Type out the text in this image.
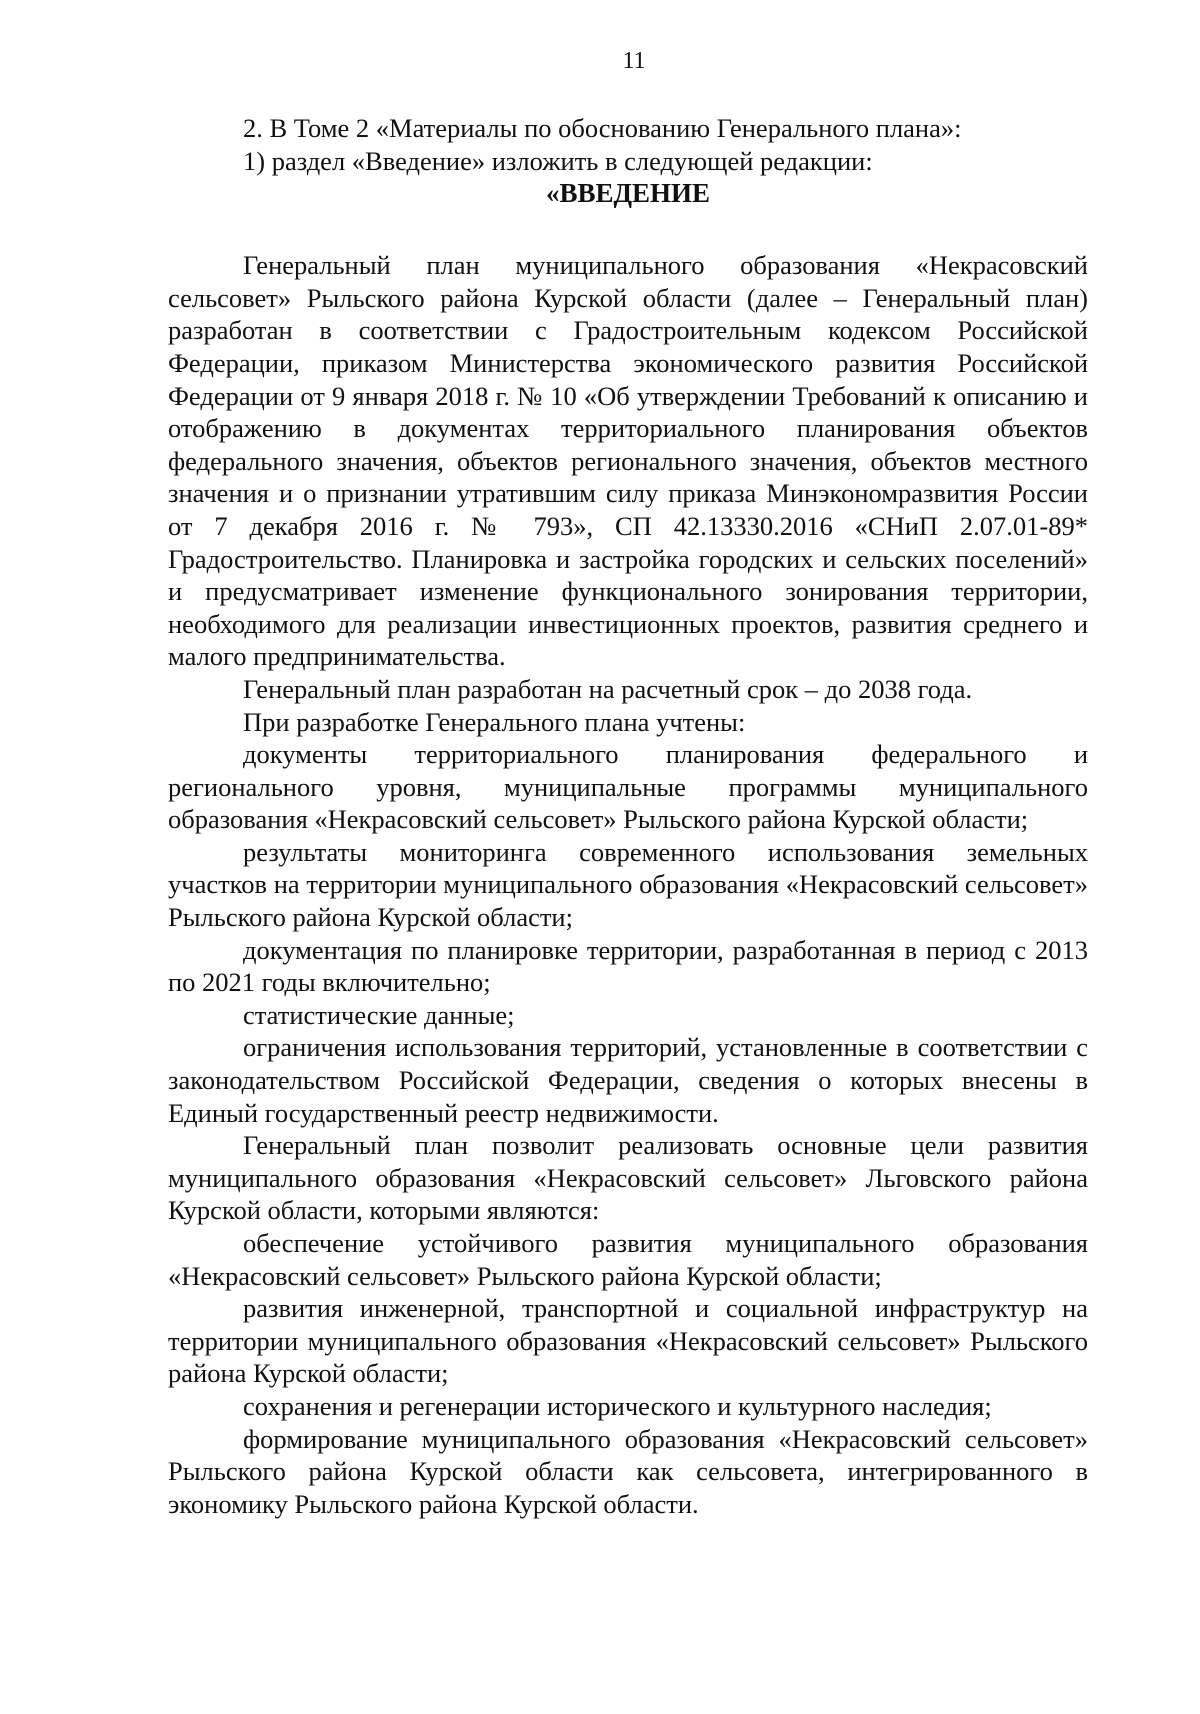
11

2. В Томе 2 «Материалы по обоснованию Генерального плана»:

1) раздел «Введение» изложить в следующей редакции:

«ВВЕДЕНИЕ

Генеральный план муниципального образования «Некрасовский сельсовет» Рыльского района Курской области (далее – Генеральный план) разработан в соответствии с Градостроительным кодексом Российской Федерации, приказом Министерства экономического развития Российской Федерации от 9 января 2018 г. № 10 «Об утверждении Требований к описанию и отображению в документах территориального планирования объектов федерального значения, объектов регионального значения, объектов местного значения и о признании утратившим силу приказа Минэкономразвития России от 7 декабря 2016 г. № 793», СП 42.13330.2016 «СНиП 2.07.01-89* Градостроительство. Планировка и застройка городских и сельских поселений» и предусматривает изменение функционального зонирования территории, необходимого для реализации инвестиционных проектов, развития среднего и малого предпринимательства.

Генеральный план разработан на расчетный срок – до 2038 года.

При разработке Генерального плана учтены:

документы территориального планирования федерального и регионального уровня, муниципальные программы муниципального образования «Некрасовский сельсовет» Рыльского района Курской области;

результаты мониторинга современного использования земельных участков на территории муниципального образования «Некрасовский сельсовет» Рыльского района Курской области;

документация по планировке территории, разработанная в период с 2013 по 2021 годы включительно;

статистические данные;

ограничения использования территорий, установленные в соответствии с законодательством Российской Федерации, сведения о которых внесены в Единый государственный реестр недвижимости.

Генеральный план позволит реализовать основные цели развития муниципального образования «Некрасовский сельсовет» Льговского района Курской области, которыми являются:

обеспечение устойчивого развития муниципального образования «Некрасовский сельсовет» Рыльского района Курской области;

развития инженерной, транспортной и социальной инфраструктур на территории муниципального образования «Некрасовский сельсовет» Рыльского района Курской области;

сохранения и регенерации исторического и культурного наследия;

формирование муниципального образования «Некрасовский сельсовет» Рыльского района Курской области как сельсовета, интегрированного в экономику Рыльского района Курской области.
